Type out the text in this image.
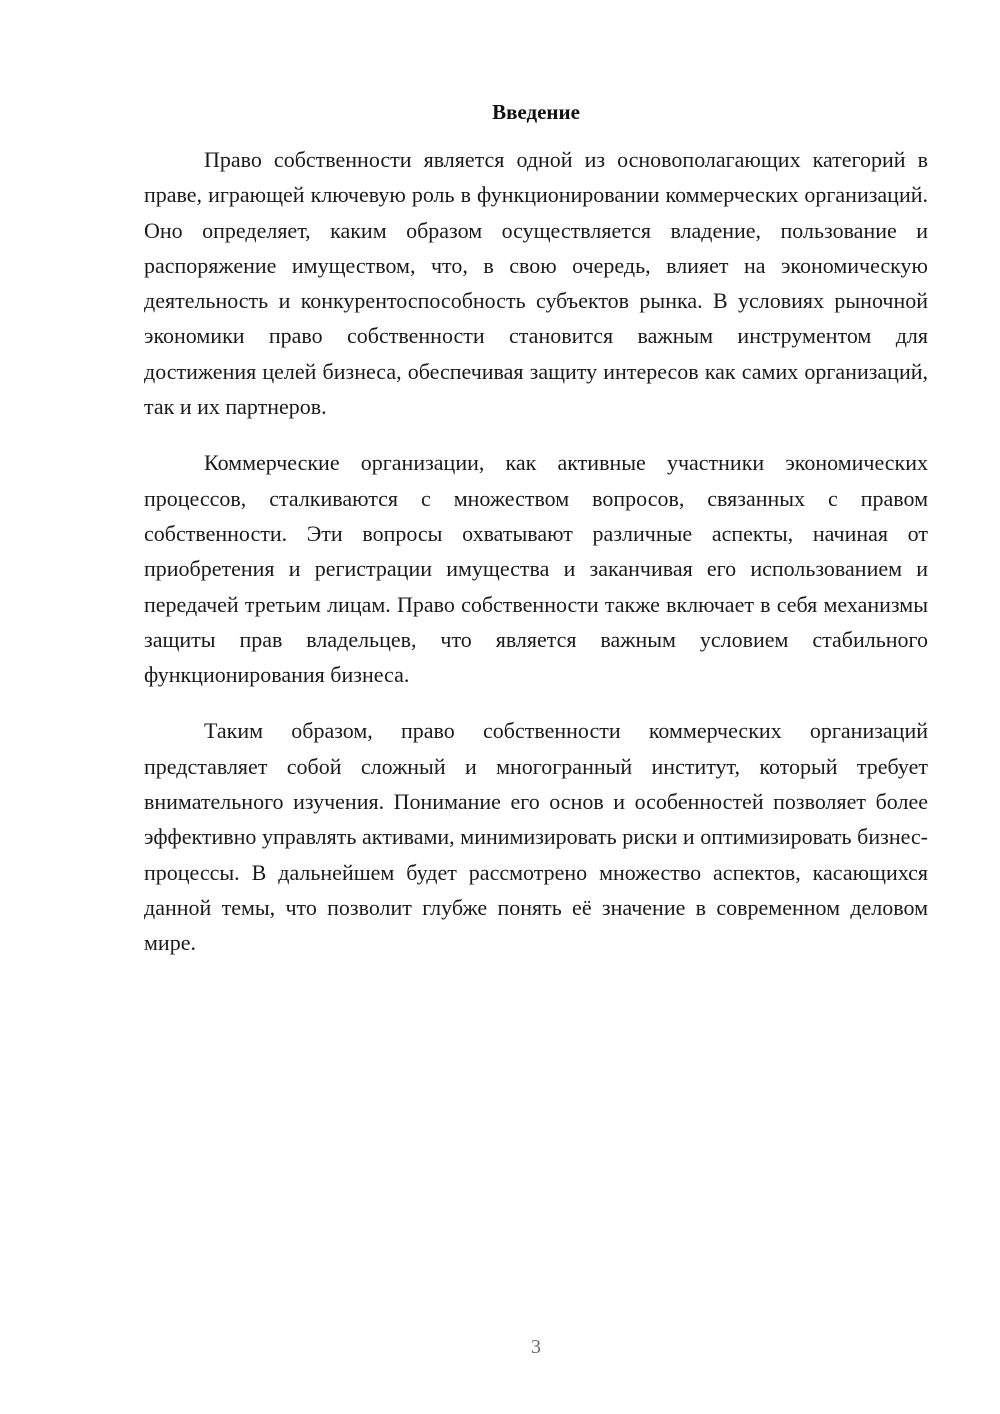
Введение

Право собственности является одной из основополагающих категорий в праве, играющей ключевую роль в функционировании коммерческих организаций. Оно определяет, каким образом осуществляется владение, пользование и распоряжение имуществом, что, в свою очередь, влияет на экономическую деятельность и конкурентоспособность субъектов рынка. В условиях рыночной экономики право собственности становится важным инструментом для достижения целей бизнеса, обеспечивая защиту интересов как самих организаций, так и их партнеров.

Коммерческие организации, как активные участники экономических процессов, сталкиваются с множеством вопросов, связанных с правом собственности. Эти вопросы охватывают различные аспекты, начиная от приобретения и регистрации имущества и заканчивая его использованием и передачей третьим лицам. Право собственности также включает в себя механизмы защиты прав владельцев, что является важным условием стабильного функционирования бизнеса.

Таким образом, право собственности коммерческих организаций представляет собой сложный и многогранный институт, который требует внимательного изучения. Понимание его основ и особенностей позволяет более эффективно управлять активами, минимизировать риски и оптимизировать бизнес-процессы. В дальнейшем будет рассмотрено множество аспектов, касающихся данной темы, что позволит глубже понять её значение в современном деловом мире.

3
